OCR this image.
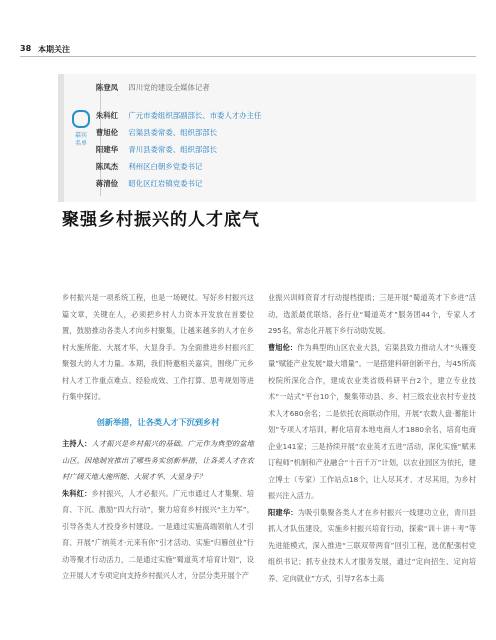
38 本期关注
嘉宾
名单
陈登凤 四川党的建设全媒体记者
朱科红 广元市委组织部副部长、市委人才办主任
曹旭伦 宕渠县委常委、组织部部长
阳建华 青川县委常委、组织部部长
陈凤杰 利州区白朝乡党委书记
蒋清俭 昭化区红岩镇党委书记
聚强乡村振兴的人才底气

乡村振兴是一项系统工程，也是一场硬仗。写好乡村振兴这篇文章，关键在人，必须把乡村人力资本开发放在首要位置，鼓励推动各类人才向乡村聚集，让越来越多的人才在乡村大施所能、大展才华、大显身手。为全面推进乡村振兴汇聚强大的人才力量。本期，我们特邀相关嘉宾，围绕广元乡村人才工作重点难点、经验成效、工作打算、思考规划等进行集中探讨。

创新举措，让各类人才下沉到乡村

主持人：人才振兴是乡村振兴的基础。广元作为典型的盆地山区，因地制宜推出了哪些务实创新举措，让各类人才在农村广阔天地大施所能、大展才华、大显身手？

朱科红：乡村振兴，人才必振兴。广元市通过人才集聚、培育、下沉、激励“四大行动”，聚力培育乡村振兴“主力军”，引导各类人才投身乡村建设。一是通过实施高端领航人才引育、开展“广纳英才·元来有你”引才活动、实施“归雁创业”行动等聚才行动活力，二是通过实施“蜀道英才培育计划”，设立开展人才专项定向支持乡村振兴人才，分层分类开展个产

业振兴训师资育才行动提档提质；三是开展“蜀道英才下乡进”活动，选派最优联络、各行业“蜀道英才”服务团44个，专家人才295名，常态化开展下乡行动助发展。

曹旭伦：作为典型的山区农业大县，宕渠县致力推动人才“头雁变量”赋能产业发展“最大增量”。一是搭建科研创新平台，与45所高校院所深化合作，建成农业类省级科研平台2个，建立专业技术“一站式”平台10个，聚集带动县、乡、村三级农业农村专业技术人才680余名；二是依托农商联动作用，开展“农数人盘·蓄能计划”专项人才培训，孵化培育本地电商人才1880余名，培育电商企业141家；三是持续开展“农业英才五进”活动，深化实施“赋来订程师”机制和产业融合“十百千万”计划，以农业园区为依托，建立博士（专家）工作站点18个，让人尽其才、才尽其用，为乡村振兴注入活力。

阳建华：为吸引集聚各类人才在乡村振兴一线建功立业，青川县抓人才队伍建设，实施乡村振兴培育行动，探索“训＋讲＋考”等先进能模式，深入推进“三联双带两育”回引工程，选优配强村党组织书记；抓专业技术人才服务发展，通过“定向招生、定向培养、定向就业”方式，引导7名本土高
